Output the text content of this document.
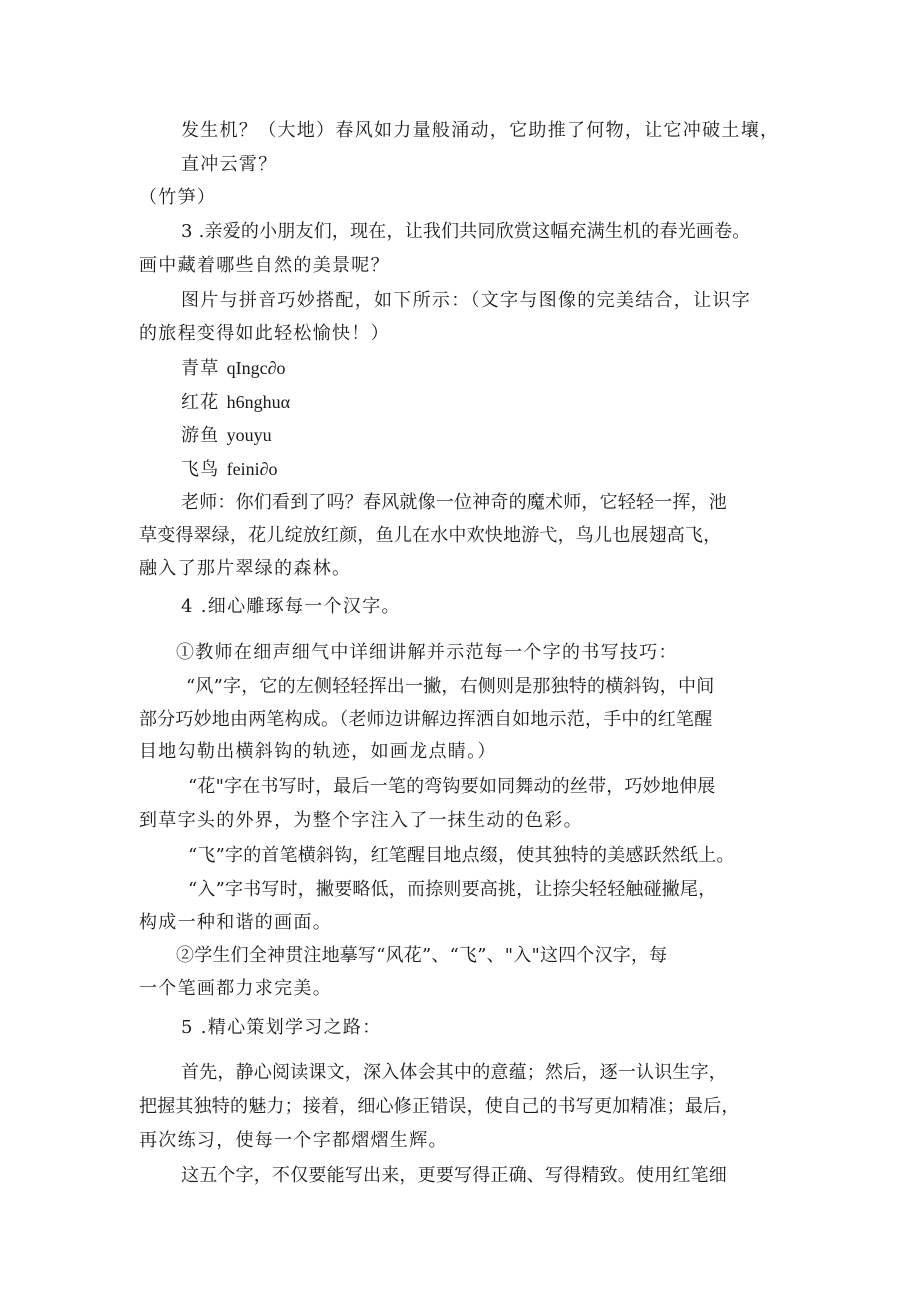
发生机？（大地）春风如力量般涌动，它助推了何物，让它冲破土壤，
直冲云霄？
（竹笋）
3 .亲爱的小朋友们，现在，让我们共同欣赏这幅充满生机的春光画卷。
画中藏着哪些自然的美景呢？
图片与拼音巧妙搭配，如下所示：（文字与图像的完美结合，让识字
的旅程变得如此轻松愉快！）
青草 qIngc∂o
红花 h6nghuα
游鱼 youyu
飞鸟 feini∂o
老师：你们看到了吗？春风就像一位神奇的魔术师，它轻轻一挥，池
草变得翠绿，花儿绽放红颜，鱼儿在水中欢快地游弋，鸟儿也展翅高飞，
融入了那片翠绿的森林。
4 .细心雕琢每一个汉字。
①教师在细声细气中详细讲解并示范每一个字的书写技巧：
“风”字，它的左侧轻轻挥出一撇，右侧则是那独特的横斜钩，中间
部分巧妙地由两笔构成。（老师边讲解边挥洒自如地示范，手中的红笔醒
目地勾勒出横斜钩的轨迹，如画龙点睛。）
“花"字在书写时，最后一笔的弯钩要如同舞动的丝带，巧妙地伸展
到草字头的外界，为整个字注入了一抹生动的色彩。
“飞”字的首笔横斜钩，红笔醒目地点缀，使其独特的美感跃然纸上。
“入”字书写时，撇要略低，而捺则要高挑，让捺尖轻轻触碰撇尾，
构成一种和谐的画面。
②学生们全神贯注地摹写“风花”、“飞”、"入"这四个汉字，每
一个笔画都力求完美。
5 .精心策划学习之路：
首先，静心阅读课文，深入体会其中的意蕴；然后，逐一认识生字，
把握其独特的魅力；接着，细心修正错误，使自己的书写更加精准；最后，
再次练习，使每一个字都熠熠生辉。
这五个字，不仅要能写出来，更要写得正确、写得精致。使用红笔细
